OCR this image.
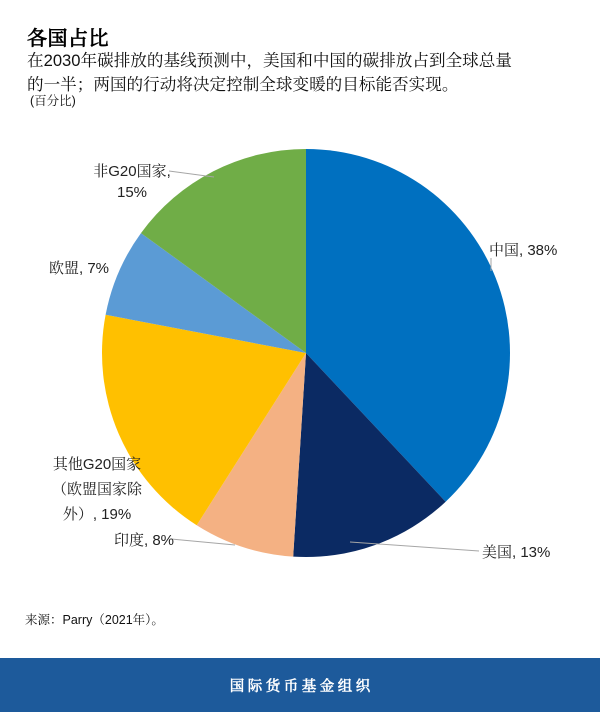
各国占比
在2030年碳排放的基线预测中，美国和中国的碳排放占到全球总量
的一半；两国的行动将决定控制全球变暖的目标能否实现。
(百分比)
非G20国家,
15%
欧盟, 7%
中国, 38%
美国, 13%
印度, 8%
其他G20国家
（欧盟国家除
外）, 19%
来源：Parry（2021年）。
国际货币基金组织
